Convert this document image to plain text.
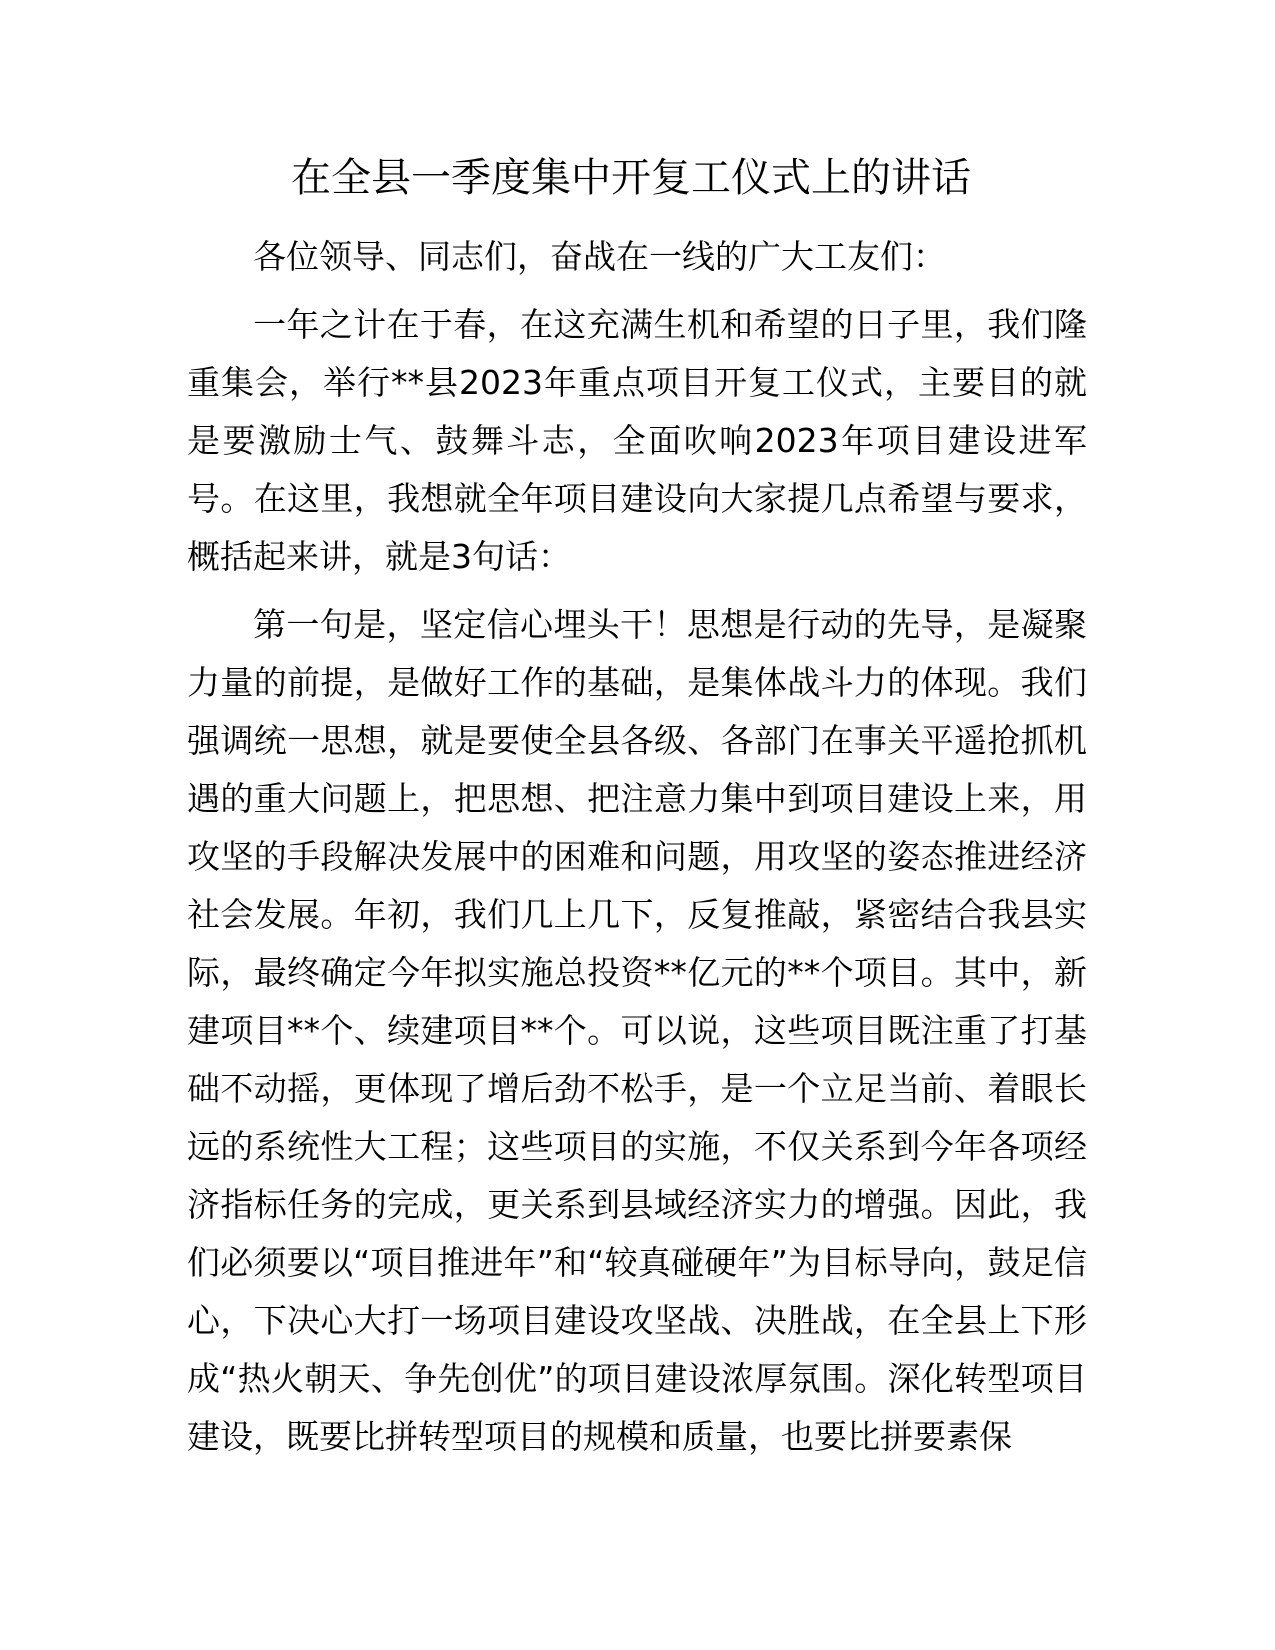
在全县一季度集中开复工仪式上的讲话

各位领导、同志们，奋战在一线的广大工友们：

一年之计在于春，在这充满生机和希望的日子里，我们隆重集会，举行**县2023年重点项目开复工仪式，主要目的就是要激励士气、鼓舞斗志，全面吹响2023年项目建设进军号。在这里，我想就全年项目建设向大家提几点希望与要求，概括起来讲，就是3句话：

第一句是，坚定信心埋头干！思想是行动的先导，是凝聚力量的前提，是做好工作的基础，是集体战斗力的体现。我们强调统一思想，就是要使全县各级、各部门在事关平遥抢抓机遇的重大问题上，把思想、把注意力集中到项目建设上来，用攻坚的手段解决发展中的困难和问题，用攻坚的姿态推进经济社会发展。年初，我们几上几下，反复推敲，紧密结合我县实际，最终确定今年拟实施总投资**亿元的**个项目。其中，新建项目**个、续建项目**个。可以说，这些项目既注重了打基础不动摇，更体现了增后劲不松手，是一个立足当前、着眼长远的系统性大工程；这些项目的实施，不仅关系到今年各项经济指标任务的完成，更关系到县域经济实力的增强。因此，我们必须要以“项目推进年”和“较真碰硬年”为目标导向，鼓足信心，下决心大打一场项目建设攻坚战、决胜战，在全县上下形成“热火朝天、争先创优”的项目建设浓厚氛围。深化转型项目建设，既要比拼转型项目的规模和质量，也要比拼要素保
